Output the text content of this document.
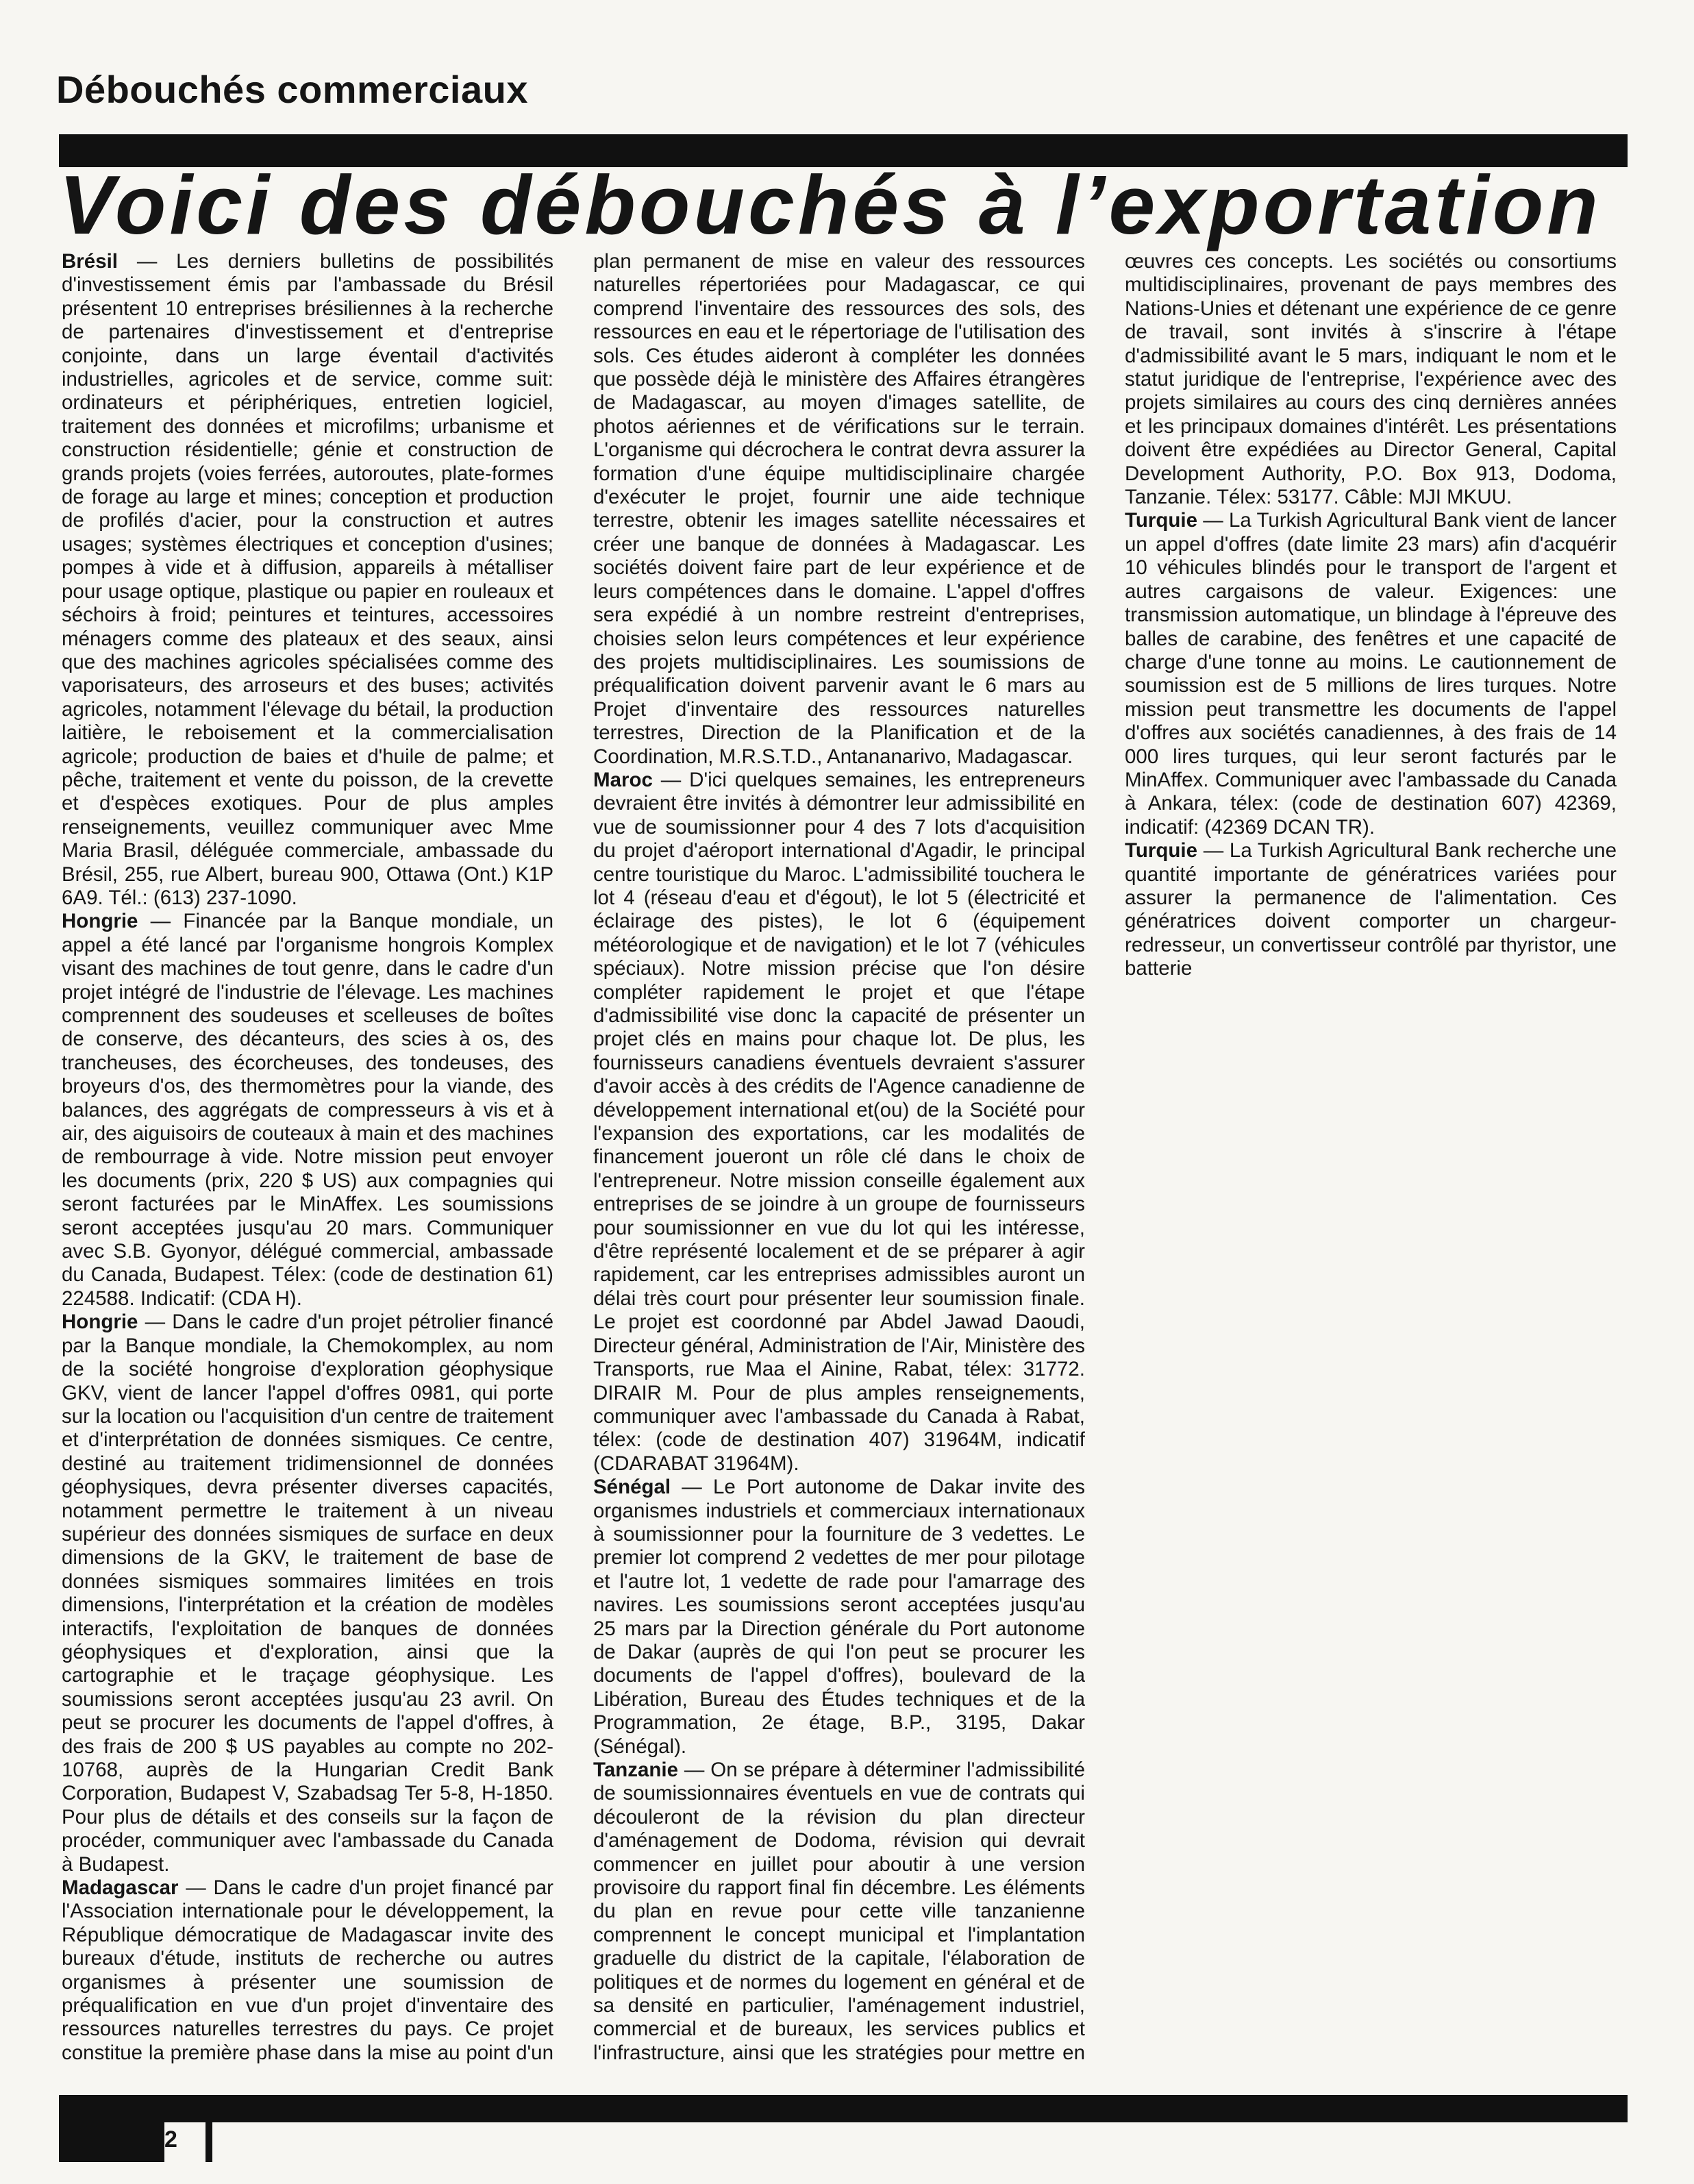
Débouchés commerciaux
Voici des débouchés à l’exportation

Brésil — Les derniers bulletins de possibilités d'investissement émis par l'ambassade du Brésil présentent 10 entreprises brésiliennes à la recherche de partenaires d'investissement et d'entreprise conjointe, dans un large éventail d'activités industrielles, agricoles et de service, comme suit: ordinateurs et périphériques, entretien logiciel, traitement des données et microfilms; urbanisme et construction résidentielle; génie et construction de grands projets (voies ferrées, autoroutes, plate-formes de forage au large et mines; conception et production de profilés d'acier, pour la construction et autres usages; systèmes électriques et conception d'usines; pompes à vide et à diffusion, appareils à métalliser pour usage optique, plastique ou papier en rouleaux et séchoirs à froid; peintures et teintures, accessoires ménagers comme des plateaux et des seaux, ainsi que des machines agricoles spécialisées comme des vaporisateurs, des arroseurs et des buses; activités agricoles, notamment l'élevage du bétail, la production laitière, le reboisement et la commercialisation agricole; production de baies et d'huile de palme; et pêche, traitement et vente du poisson, de la crevette et d'espèces exotiques. Pour de plus amples renseignements, veuillez communiquer avec Mme Maria Brasil, déléguée commerciale, ambassade du Brésil, 255, rue Albert, bureau 900, Ottawa (Ont.) K1P 6A9. Tél.: (613) 237-1090.

Hongrie — Financée par la Banque mondiale, un appel a été lancé par l'organisme hongrois Komplex visant des machines de tout genre, dans le cadre d'un projet intégré de l'industrie de l'élevage. Les machines comprennent des soudeuses et scelleuses de boîtes de conserve, des décanteurs, des scies à os, des trancheuses, des écorcheuses, des tondeuses, des broyeurs d'os, des thermomètres pour la viande, des balances, des aggrégats de compresseurs à vis et à air, des aiguisoirs de couteaux à main et des machines de rembourrage à vide. Notre mission peut envoyer les documents (prix, 220 $ US) aux compagnies qui seront facturées par le MinAffex. Les soumissions seront acceptées jusqu'au 20 mars. Communiquer avec S.B. Gyonyor, délégué commercial, ambassade du Canada, Budapest. Télex: (code de destination 61) 224588. Indicatif: (CDA H).

Hongrie — Dans le cadre d'un projet pétrolier financé par la Banque mondiale, la Chemokomplex, au nom de la société hongroise d'exploration géophysique GKV, vient de lancer l'appel d'offres 0981, qui porte sur la location ou l'acquisition d'un centre de traitement et d'interprétation de données sismiques. Ce centre, destiné au traitement tridimensionnel de données géophysiques, devra présenter diverses capacités, notamment permettre le traitement à un niveau supérieur des données sismiques de surface en deux dimensions de la GKV, le traitement de base de données sismiques sommaires limitées en trois dimensions, l'interprétation et la création de modèles interactifs, l'exploitation de banques de données géophysiques et d'exploration, ainsi que la cartographie et le traçage géophysique. Les soumissions seront acceptées jusqu'au 23 avril. On peut se procurer les documents de l'appel d'offres, à des frais de 200 $ US payables au compte no 202-10768, auprès de la Hungarian Credit Bank Corporation, Budapest V, Szabadsag Ter 5-8, H-1850. Pour plus de détails et des conseils sur la façon de procéder, communiquer avec l'ambassade du Canada à Budapest.

Madagascar — Dans le cadre d'un projet financé par l'Association internationale pour le développement, la République démocratique de Madagascar invite des bureaux d'étude, instituts de recherche ou autres organismes à présenter une soumission de préqualification en vue d'un projet d'inventaire des ressources naturelles terrestres du pays. Ce projet constitue la première phase dans la mise au point d'un plan permanent de mise en valeur des ressources naturelles répertoriées pour Madagascar, ce qui comprend l'inventaire des ressources des sols, des ressources en eau et le répertoriage de l'utilisation des sols. Ces études aideront à compléter les données que possède déjà le ministère des Affaires étrangères de Madagascar, au moyen d'images satellite, de photos aériennes et de vérifications sur le terrain. L'organisme qui décrochera le contrat devra assurer la formation d'une équipe multidisciplinaire chargée d'exécuter le projet, fournir une aide technique terrestre, obtenir les images satellite nécessaires et créer une banque de données à Madagascar. Les sociétés doivent faire part de leur expérience et de leurs compétences dans le domaine. L'appel d'offres sera expédié à un nombre restreint d'entreprises, choisies selon leurs compétences et leur expérience des projets multidisciplinaires. Les soumissions de préqualification doivent parvenir avant le 6 mars au Projet d'inventaire des ressources naturelles terrestres, Direction de la Planification et de la Coordination, M.R.S.T.D., Antananarivo, Madagascar.

Maroc — D'ici quelques semaines, les entrepreneurs devraient être invités à démontrer leur admissibilité en vue de soumissionner pour 4 des 7 lots d'acquisition du projet d'aéroport international d'Agadir, le principal centre touristique du Maroc. L'admissibilité touchera le lot 4 (réseau d'eau et d'égout), le lot 5 (électricité et éclairage des pistes), le lot 6 (équipement météorologique et de navigation) et le lot 7 (véhicules spéciaux). Notre mission précise que l'on désire compléter rapidement le projet et que l'étape d'admissibilité vise donc la capacité de présenter un projet clés en mains pour chaque lot. De plus, les fournisseurs canadiens éventuels devraient s'assurer d'avoir accès à des crédits de l'Agence canadienne de développement international et(ou) de la Société pour l'expansion des exportations, car les modalités de financement joueront un rôle clé dans le choix de l'entrepreneur. Notre mission conseille également aux entreprises de se joindre à un groupe de fournisseurs pour soumissionner en vue du lot qui les intéresse, d'être représenté localement et de se préparer à agir rapidement, car les entreprises admissibles auront un délai très court pour présenter leur soumission finale. Le projet est coordonné par Abdel Jawad Daoudi, Directeur général, Administration de l'Air, Ministère des Transports, rue Maa el Ainine, Rabat, télex: 31772. DIRAIR M. Pour de plus amples renseignements, communiquer avec l'ambassade du Canada à Rabat, télex: (code de destination 407) 31964M, indicatif (CDARABAT 31964M).

Sénégal — Le Port autonome de Dakar invite des organismes industriels et commerciaux internationaux à soumissionner pour la fourniture de 3 vedettes. Le premier lot comprend 2 vedettes de mer pour pilotage et l'autre lot, 1 vedette de rade pour l'amarrage des navires. Les soumissions seront acceptées jusqu'au 25 mars par la Direction générale du Port autonome de Dakar (auprès de qui l'on peut se procurer les documents de l'appel d'offres), boulevard de la Libération, Bureau des Études techniques et de la Programmation, 2e étage, B.P., 3195, Dakar (Sénégal).

Tanzanie — On se prépare à déterminer l'admissibilité de soumissionnaires éventuels en vue de contrats qui découleront de la révision du plan directeur d'aménagement de Dodoma, révision qui devrait commencer en juillet pour aboutir à une version provisoire du rapport final fin décembre. Les éléments du plan en revue pour cette ville tanzanienne comprennent le concept municipal et l'implantation graduelle du district de la capitale, l'élaboration de politiques et de normes du logement en général et de sa densité en particulier, l'aménagement industriel, commercial et de bureaux, les services publics et l'infrastructure, ainsi que les stratégies pour mettre en œuvres ces concepts. Les sociétés ou consortiums multidisciplinaires, provenant de pays membres des Nations-Unies et détenant une expérience de ce genre de travail, sont invités à s'inscrire à l'étape d'admissibilité avant le 5 mars, indiquant le nom et le statut juridique de l'entreprise, l'expérience avec des projets similaires au cours des cinq dernières années et les principaux domaines d'intérêt. Les présentations doivent être expédiées au Director General, Capital Development Authority, P.O. Box 913, Dodoma, Tanzanie. Télex: 53177. Câble: MJI MKUU.

Turquie — La Turkish Agricultural Bank vient de lancer un appel d'offres (date limite 23 mars) afin d'acquérir 10 véhicules blindés pour le transport de l'argent et autres cargaisons de valeur. Exigences: une transmission automatique, un blindage à l'épreuve des balles de carabine, des fenêtres et une capacité de charge d'une tonne au moins. Le cautionnement de soumission est de 5 millions de lires turques. Notre mission peut transmettre les documents de l'appel d'offres aux sociétés canadiennes, à des frais de 14 000 lires turques, qui leur seront facturés par le MinAffex. Communiquer avec l'ambassade du Canada à Ankara, télex: (code de destination 607) 42369, indicatif: (42369 DCAN TR).

Turquie — La Turkish Agricultural Bank recherche une quantité importante de génératrices variées pour assurer la permanence de l'alimentation. Ces génératrices doivent comporter un chargeur-redresseur, un convertisseur contrôlé par thyristor, une batterie

2
